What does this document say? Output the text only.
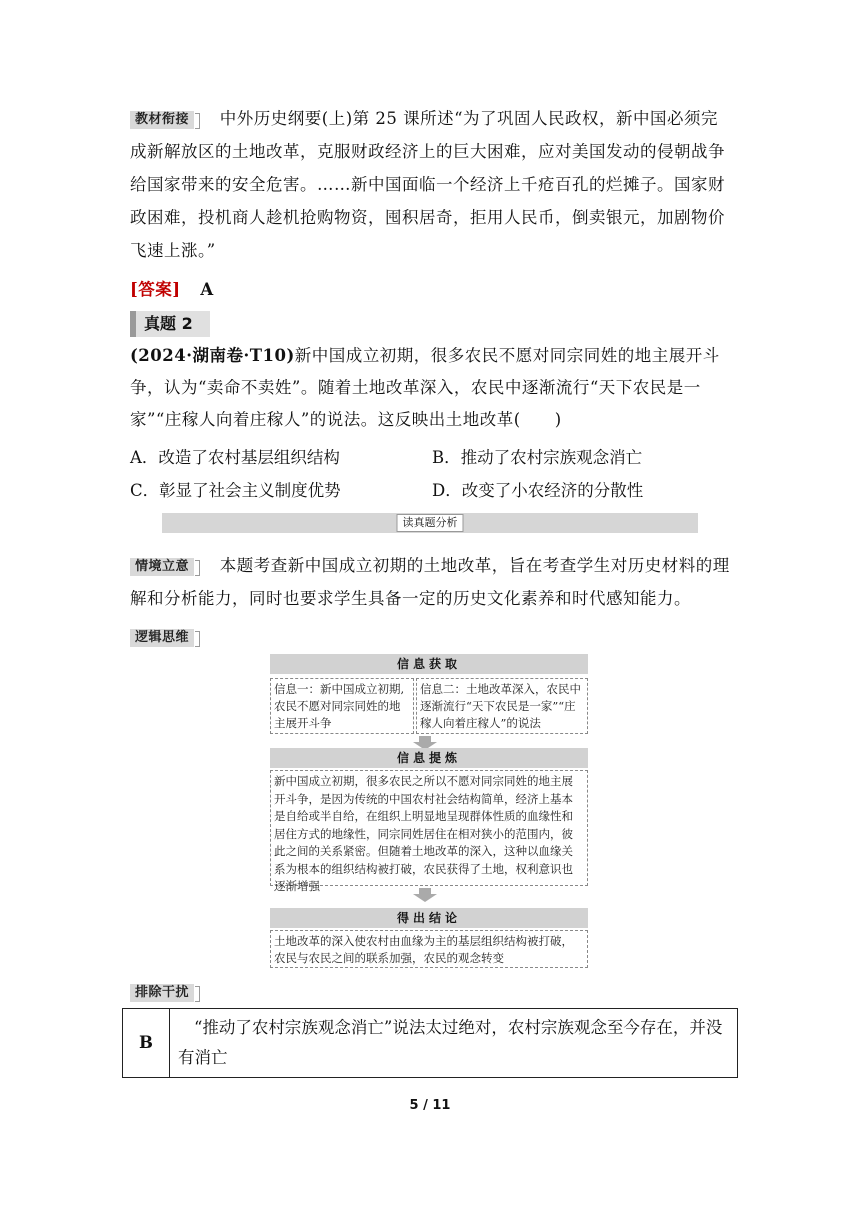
教材衔接 中外历史纲要(上)第 25 课所述“为了巩固人民政权，新中国必须完成新解放区的土地改革，克服财政经济上的巨大困难，应对美国发动的侵朝战争给国家带来的安全危害。……新中国面临一个经济上千疮百孔的烂摊子。国家财政困难，投机商人趁机抢购物资，囤积居奇，拒用人民币，倒卖银元，加剧物价飞速上涨。”
[答案] A
真题 2
(2024·湖南卷·T10)新中国成立初期，很多农民不愿对同宗同姓的地主展开斗争，认为“卖命不卖姓”。随着土地改革深入，农民中逐渐流行“天下农民是一家”“庄稼人向着庄稼人”的说法。这反映出土地改革(　　)
A．改造了农村基层组织结构	B．推动了农村宗族观念消亡
C．彰显了社会主义制度优势	D．改变了小农经济的分散性
读真题分析
情境立意 本题考查新中国成立初期的土地改革，旨在考查学生对历史材料的理解和分析能力，同时也要求学生具备一定的历史文化素养和时代感知能力。
逻辑思维
信息获取
信息一：新中国成立初期,农民不愿对同宗同姓的地主展开斗争
信息二：土地改革深入，农民中逐渐流行“天下农民是一家”“庄稼人向着庄稼人”的说法
信息提炼
新中国成立初期，很多农民之所以不愿对同宗同姓的地主展开斗争，是因为传统的中国农村社会结构简单，经济上基本是自给或半自给，在组织上明显地呈现群体性质的血缘性和居住方式的地缘性，同宗同姓居住在相对狭小的范围内，彼此之间的关系紧密。但随着土地改革的深入，这种以血缘关系为根本的组织结构被打破，农民获得了土地，权利意识也逐渐增强
得出结论
土地改革的深入使农村由血缘为主的基层组织结构被打破，农民与农民之间的联系加强，农民的观念转变
排除干扰
B	“推动了农村宗族观念消亡”说法太过绝对，农村宗族观念至今存在，并没有消亡
5 / 11
